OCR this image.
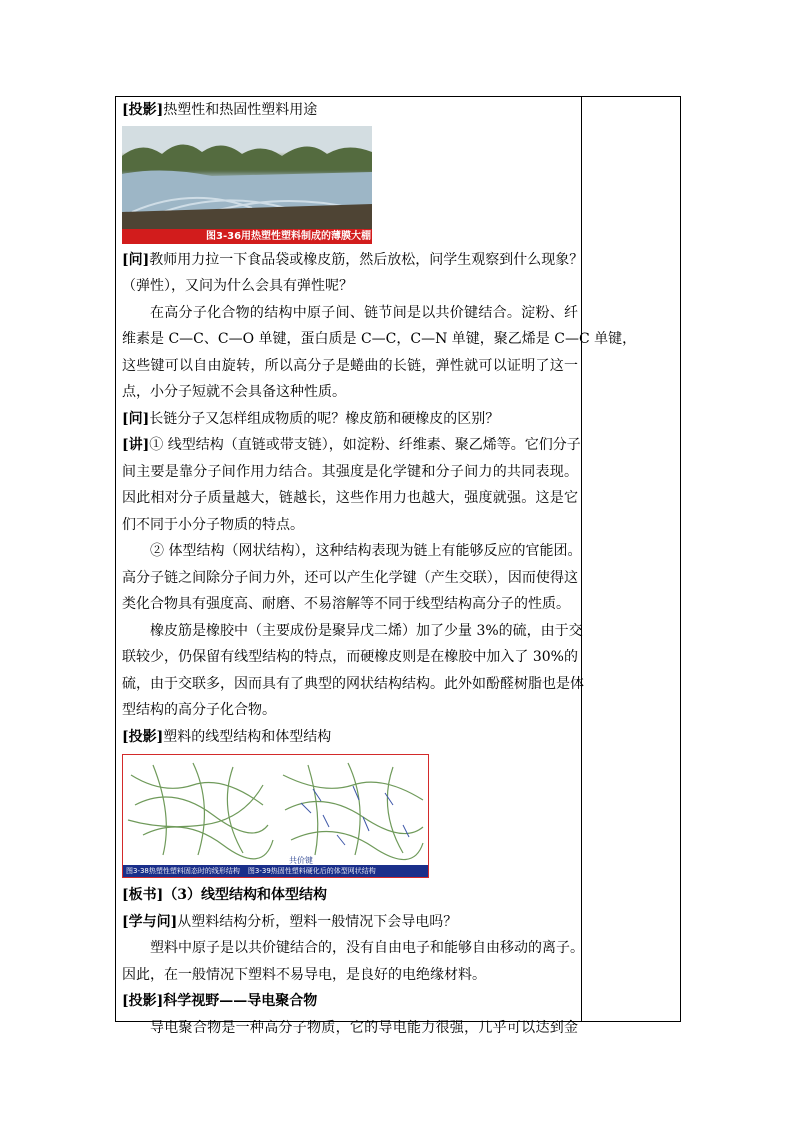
[投影]热塑性和热固性塑料用途
图3-36用热塑性塑料制成的薄膜大棚
[问]教师用力拉一下食品袋或橡皮筋，然后放松，问学生观察到什么现象？
（弹性），又问为什么会具有弹性呢？
在高分子化合物的结构中原子间、链节间是以共价键结合。淀粉、纤
维素是 C—C、C—O 单键，蛋白质是 C—C，C—N 单键，聚乙烯是 C—C 单键，
这些键可以自由旋转，所以高分子是蜷曲的长链，弹性就可以证明了这一
点，小分子短就不会具备这种性质。
[问]长链分子又怎样组成物质的呢？橡皮筋和硬橡皮的区别？
[讲]① 线型结构（直链或带支链），如淀粉、纤维素、聚乙烯等。它们分子
间主要是靠分子间作用力结合。其强度是化学键和分子间力的共同表现。
因此相对分子质量越大，链越长，这些作用力也越大，强度就强。这是它
们不同于小分子物质的特点。
② 体型结构（网状结构），这种结构表现为链上有能够反应的官能团。
高分子链之间除分子间力外，还可以产生化学键（产生交联），因而使得这
类化合物具有强度高、耐磨、不易溶解等不同于线型结构高分子的性质。
橡皮筋是橡胶中（主要成份是聚异戊二烯）加了少量 3%的硫，由于交
联较少，仍保留有线型结构的特点，而硬橡皮则是在橡胶中加入了 30%的
硫，由于交联多，因而具有了典型的网状结构结构。此外如酚醛树脂也是体
型结构的高分子化合物。
[投影]塑料的线型结构和体型结构
共价键
图3-38热塑性塑料固态时的线形结构 图3-39热固性塑料硬化后的体型网状结构
[板书]（3）线型结构和体型结构
[学与问]从塑料结构分析，塑料一般情况下会导电吗？
塑料中原子是以共价键结合的，没有自由电子和能够自由移动的离子。
因此，在一般情况下塑料不易导电，是良好的电绝缘材料。
[投影]科学视野——导电聚合物
导电聚合物是一种高分子物质，它的导电能力很强，几乎可以达到金
